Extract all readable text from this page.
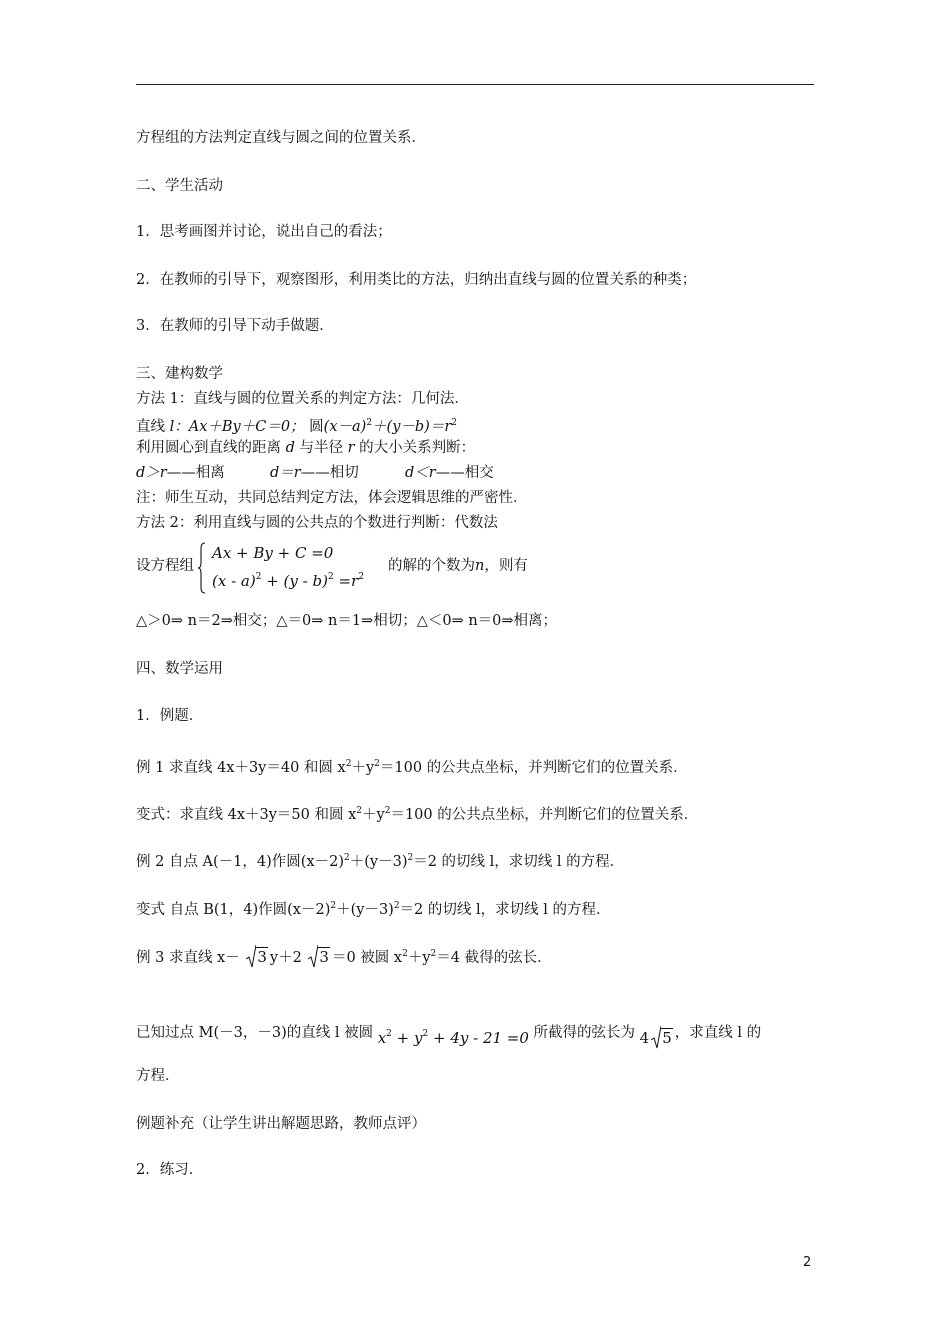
方程组的方法判定直线与圆之间的位置关系．
二、学生活动
1．思考画图并讨论，说出自己的看法；
2．在教师的引导下，观察图形，利用类比的方法，归纳出直线与圆的位置关系的种类；
3．在教师的引导下动手做题．
三、建构数学
方法 1：直线与圆的位置关系的判定方法：几何法．
直线 l：Ax＋By＋C＝0； 圆$(x-a)^2+(y-b)=r^2$
利用圆心到直线的距离 d 与半径 r 的大小关系判断：
d＞r——相离	d＝r——相切	d＜r——相交
注：师生互动，共同总结判定方法，体会逻辑思维的严密性．
方法 2：利用直线与圆的公共点的个数进行判断：代数法
设方程组
Ax + By + C =0
$(x - a)^2 + (y - b)^2 =r^2$
的解的个数为n，则有
△＞0⇒ n＝2⇒相交；△＝0⇒ n＝1⇒相切；△＜0⇒ n＝0⇒相离；
四、数学运用
1．例题．
例 1 求直线 4x＋3y＝40 和圆 $x^2+y^2=100$ 的公共点坐标，并判断它们的位置关系．
变式：求直线 4x＋3y＝50 和圆 $x^2+y^2=100$ 的公共点坐标，并判断它们的位置关系．
例 2 自点 A(－1，4)作圆$(x-2)^2+(y-3)^2=2$ 的切线 l，求切线 l 的方程．
变式 自点 B(1，4)作圆$(x-2)^2+(y-3)^2=2$ 的切线 l，求切线 l 的方程．
例 3 求直线 x－ 3 y＋2 3 ＝0 被圆 $x^2+y^2=4$ 截得的弦长．
已知过点 M(－3，－3)的直线 l 被圆 $x^2 + y^2 + 4y - 21 =0$ 所截得的弦长为 4 5 ，求直线 l 的
方程．
例题补充（让学生讲出解题思路，教师点评）
2．练习．
2
